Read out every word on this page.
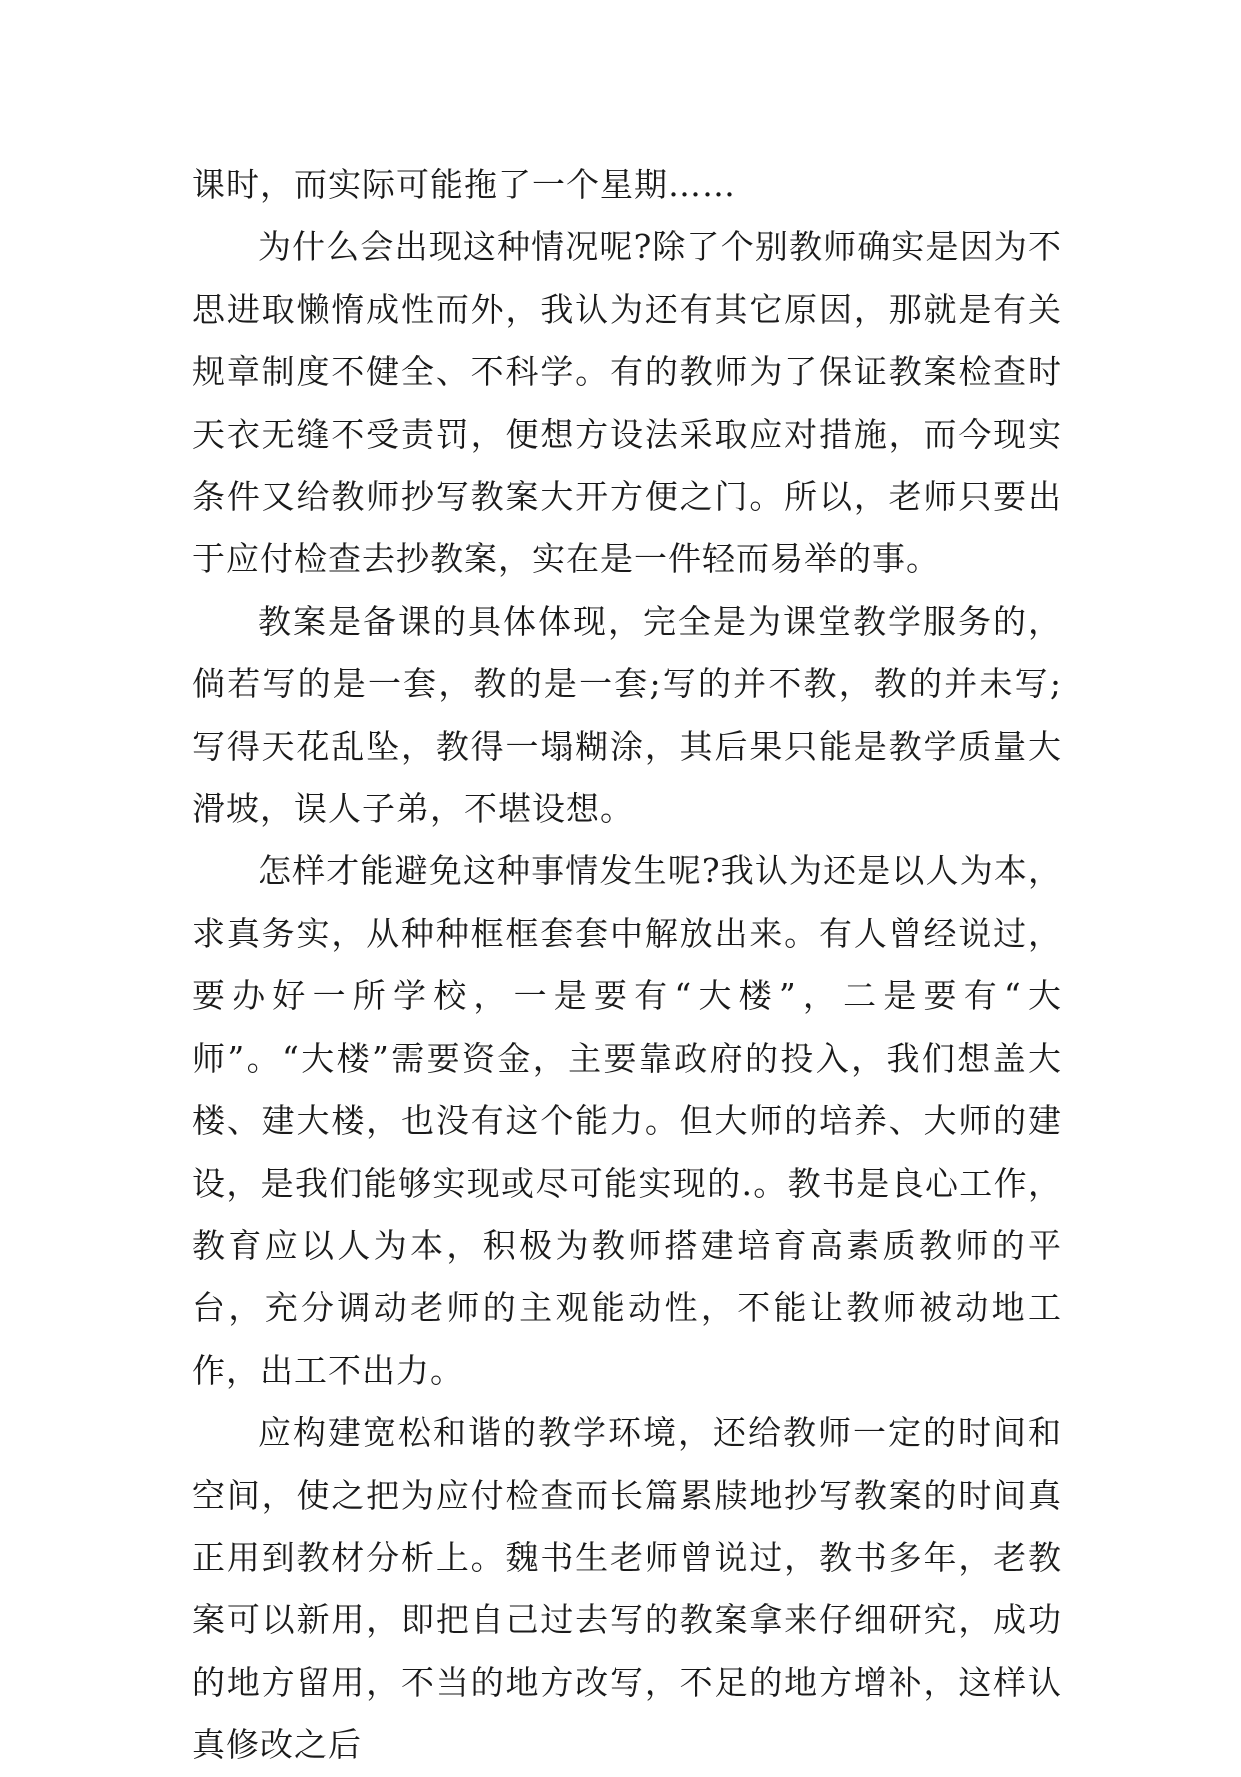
课时，而实际可能拖了一个星期……

为什么会出现这种情况呢?除了个别教师确实是因为不思进取懒惰成性而外，我认为还有其它原因，那就是有关规章制度不健全、不科学。有的教师为了保证教案检查时天衣无缝不受责罚，便想方设法采取应对措施，而今现实条件又给教师抄写教案大开方便之门。所以，老师只要出于应付检查去抄教案，实在是一件轻而易举的事。

教案是备课的具体体现，完全是为课堂教学服务的，倘若写的是一套，教的是一套;写的并不教，教的并未写;写得天花乱坠，教得一塌糊涂，其后果只能是教学质量大滑坡，误人子弟，不堪设想。

怎样才能避免这种事情发生呢?我认为还是以人为本，求真务实，从种种框框套套中解放出来。有人曾经说过，要办好一所学校，一是要有“大楼”，二是要有“大师”。“大楼”需要资金，主要靠政府的投入，我们想盖大楼、建大楼，也没有这个能力。但大师的培养、大师的建设，是我们能够实现或尽可能实现的.。教书是良心工作，教育应以人为本，积极为教师搭建培育高素质教师的平台，充分调动老师的主观能动性，不能让教师被动地工作，出工不出力。

应构建宽松和谐的教学环境，还给教师一定的时间和空间，使之把为应付检查而长篇累牍地抄写教案的时间真正用到教材分析上。魏书生老师曾说过，教书多年，老教案可以新用，即把自己过去写的教案拿来仔细研究，成功的地方留用，不当的地方改写，不足的地方增补，这样认真修改之后
